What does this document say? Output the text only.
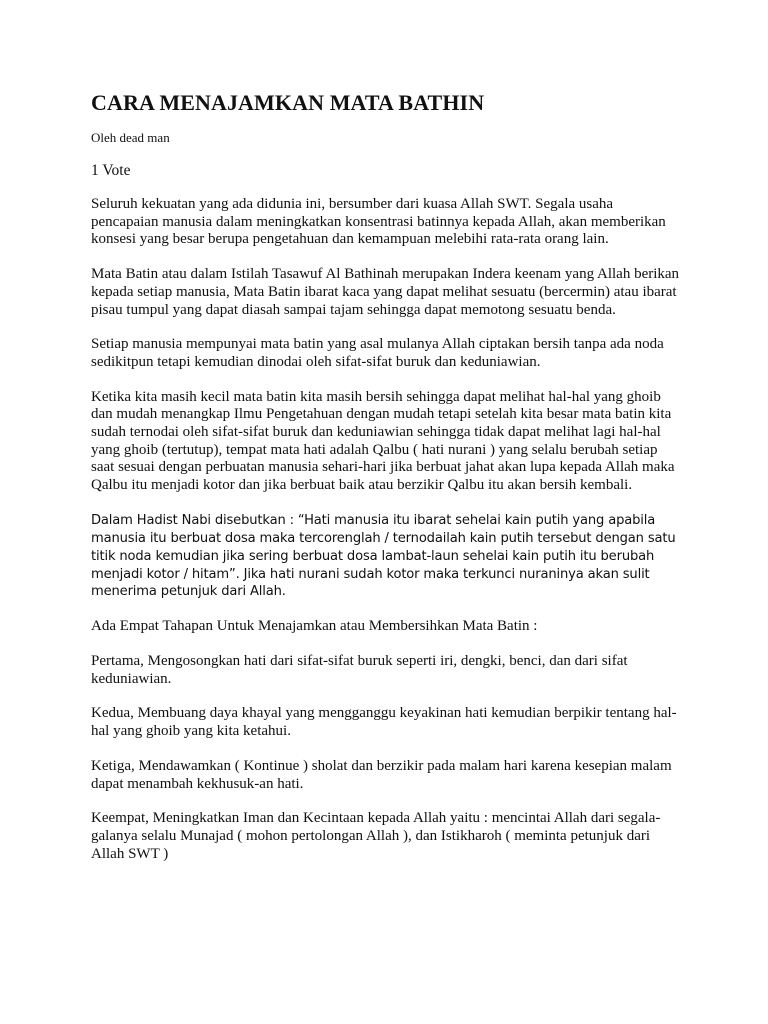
CARA MENAJAMKAN MATA BATHIN

Oleh dead man

1 Vote

Seluruh kekuatan yang ada didunia ini, bersumber dari kuasa Allah SWT. Segala usaha pencapaian manusia dalam meningkatkan konsentrasi batinnya kepada Allah, akan memberikan konsesi yang besar berupa pengetahuan dan kemampuan melebihi rata-rata orang lain.

Mata Batin atau dalam Istilah Tasawuf Al Bathinah merupakan Indera keenam yang Allah berikan kepada setiap manusia, Mata Batin ibarat kaca yang dapat melihat sesuatu (bercermin) atau ibarat pisau tumpul yang dapat diasah sampai tajam sehingga dapat memotong sesuatu benda.

Setiap manusia mempunyai mata batin yang asal mulanya Allah ciptakan bersih tanpa ada noda sedikitpun tetapi kemudian dinodai oleh sifat-sifat buruk dan keduniawian.

Ketika kita masih kecil mata batin kita masih bersih sehingga dapat melihat hal-hal yang ghoib dan mudah menangkap Ilmu Pengetahuan dengan mudah tetapi setelah kita besar mata batin kita sudah ternodai oleh sifat-sifat buruk dan keduniawian sehingga tidak dapat melihat lagi hal-hal yang ghoib (tertutup), tempat mata hati adalah Qalbu ( hati nurani ) yang selalu berubah setiap saat sesuai dengan perbuatan manusia sehari-hari jika berbuat jahat akan lupa kepada Allah maka Qalbu itu menjadi kotor dan jika berbuat baik atau berzikir Qalbu itu akan bersih kembali.

Dalam Hadist Nabi disebutkan : “Hati manusia itu ibarat sehelai kain putih yang apabila manusia itu berbuat dosa maka tercorenglah / ternodailah kain putih tersebut dengan satu titik noda kemudian jika sering berbuat dosa lambat-laun sehelai kain putih itu berubah menjadi kotor / hitam”. Jika hati nurani sudah kotor maka terkunci nuraninya akan sulit menerima petunjuk dari Allah.

Ada Empat Tahapan Untuk Menajamkan atau Membersihkan Mata Batin :

Pertama, Mengosongkan hati dari sifat-sifat buruk seperti iri, dengki, benci, dan dari sifat keduniawian.

Kedua, Membuang daya khayal yang mengganggu keyakinan hati kemudian berpikir tentang hal-hal yang ghoib yang kita ketahui.

Ketiga, Mendawamkan ( Kontinue ) sholat dan berzikir pada malam hari karena kesepian malam dapat menambah kekhusuk-an hati.

Keempat, Meningkatkan Iman dan Kecintaan kepada Allah yaitu : mencintai Allah dari segala-galanya selalu Munajad ( mohon pertolongan Allah ), dan Istikharoh ( meminta petunjuk dari Allah SWT )
